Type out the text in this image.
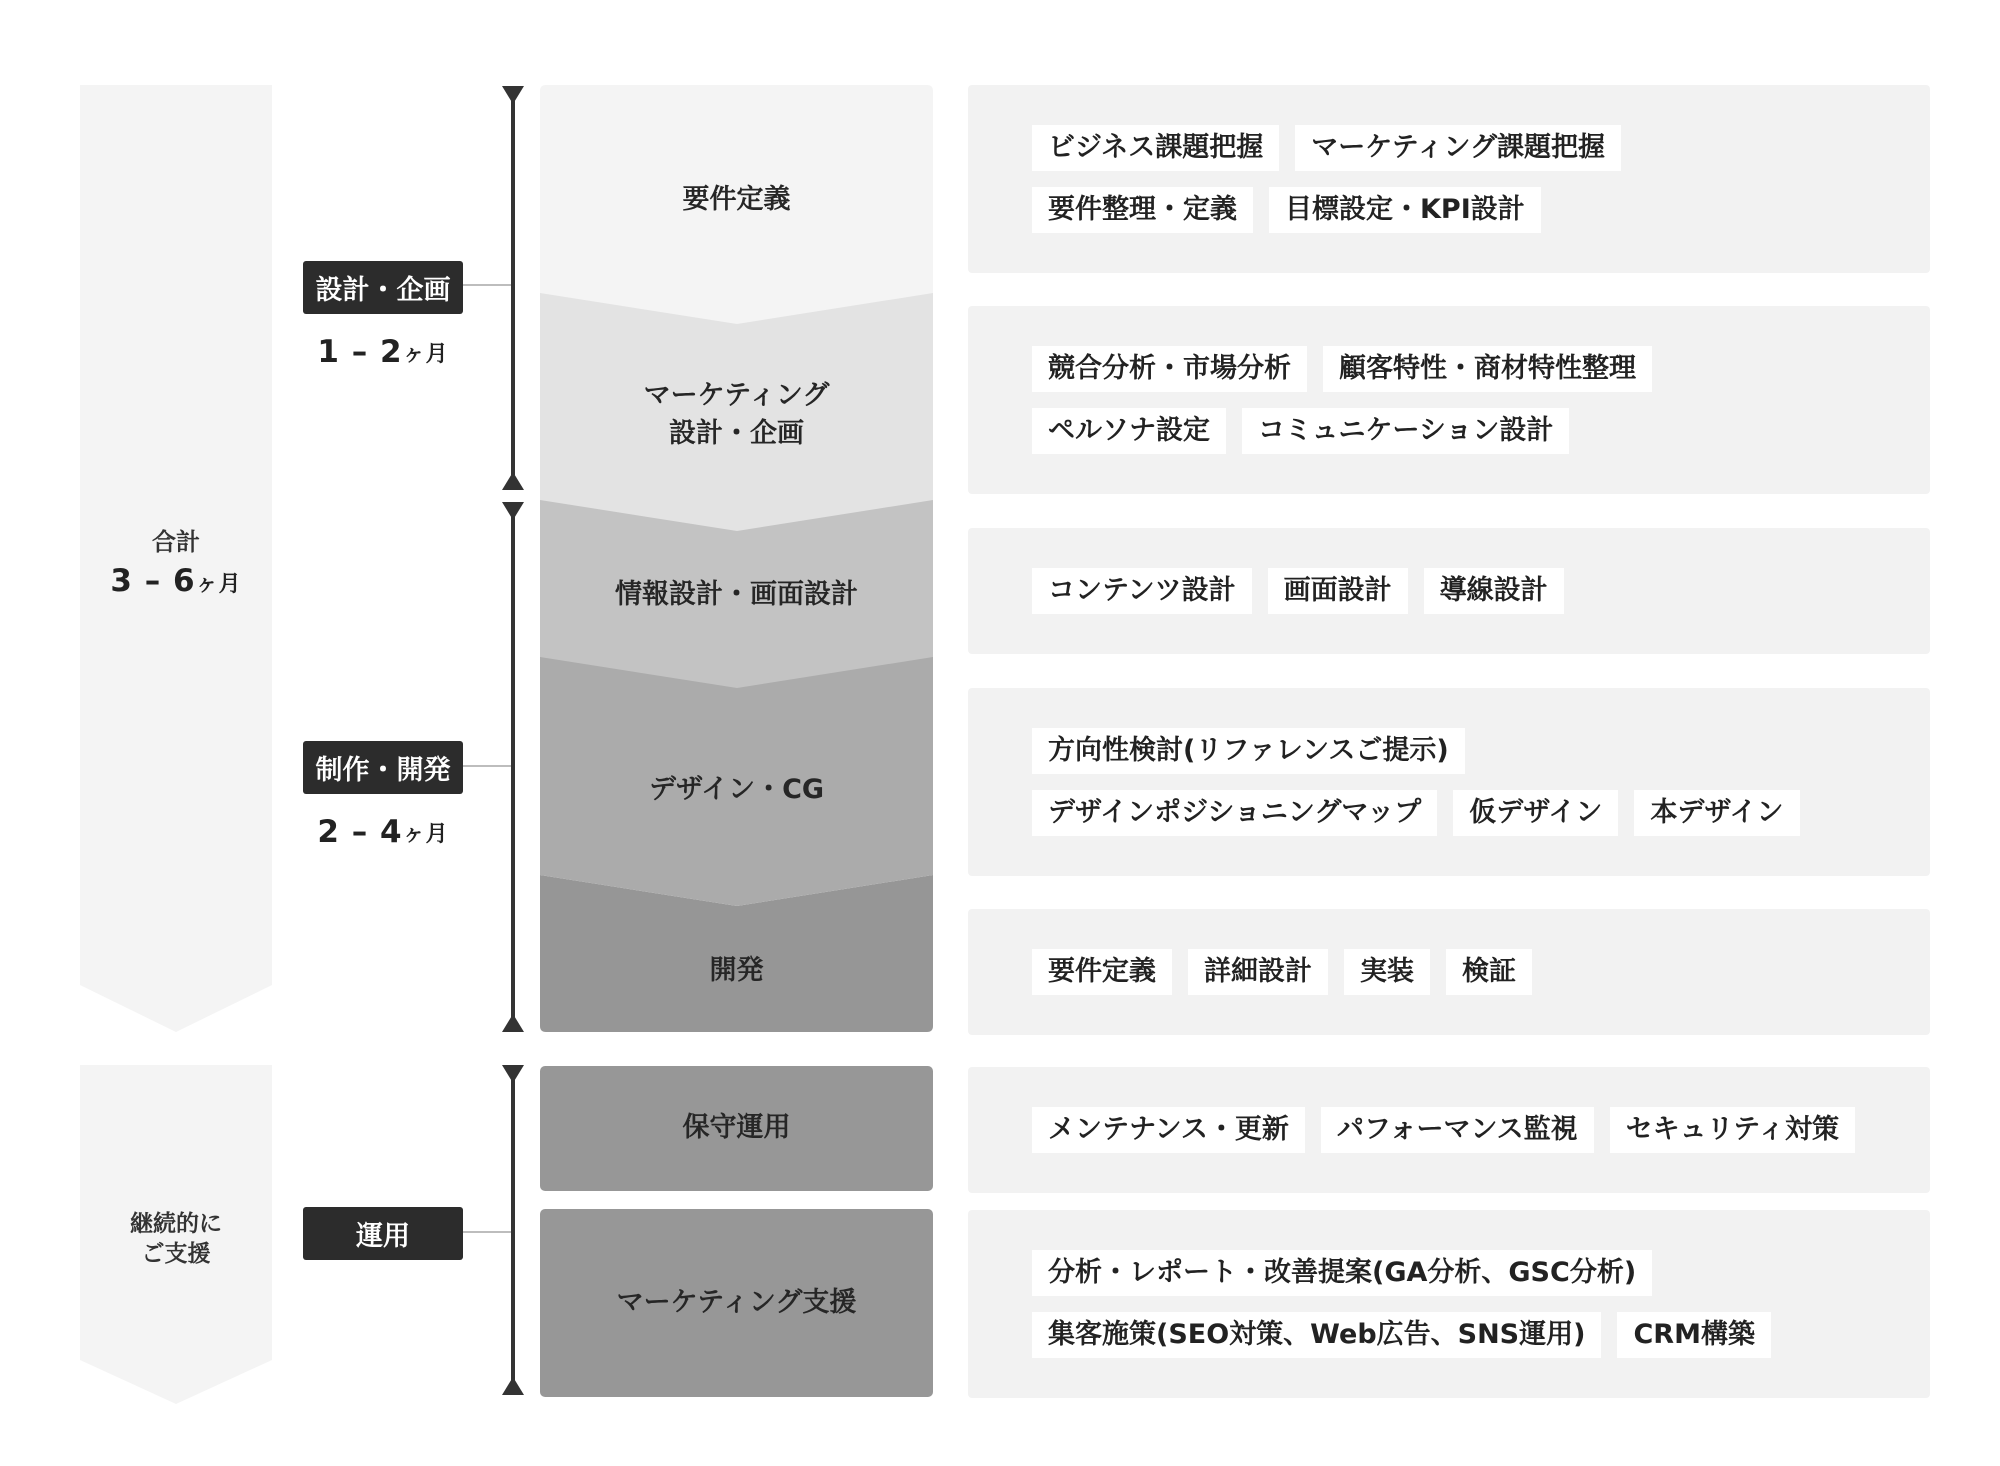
合計
3 – 6ヶ月
継続的に
ご支援
設計・企画
1 – 2 ヶ月
制作・開発
2 – 4 ヶ月
運用
要件定義
マーケティング
設計・企画
情報設計・画面設計
デザイン・CG
開発
保守運用
マーケティング支援
ビジネス課題把握	マーケティング課題把握
要件整理・定義	目標設定・KPI設計
競合分析・市場分析	顧客特性・商材特性整理
ペルソナ設定	コミュニケーション設計
コンテンツ設計	画面設計	導線設計
方向性検討(リファレンスご提示)
デザインポジショニングマップ	仮デザイン	本デザイン
要件定義	詳細設計	実装	検証
メンテナンス・更新	パフォーマンス監視	セキュリティ対策
分析・レポート・改善提案(GA分析、GSC分析)
集客施策(SEO対策、Web広告、SNS運用)	CRM構築
